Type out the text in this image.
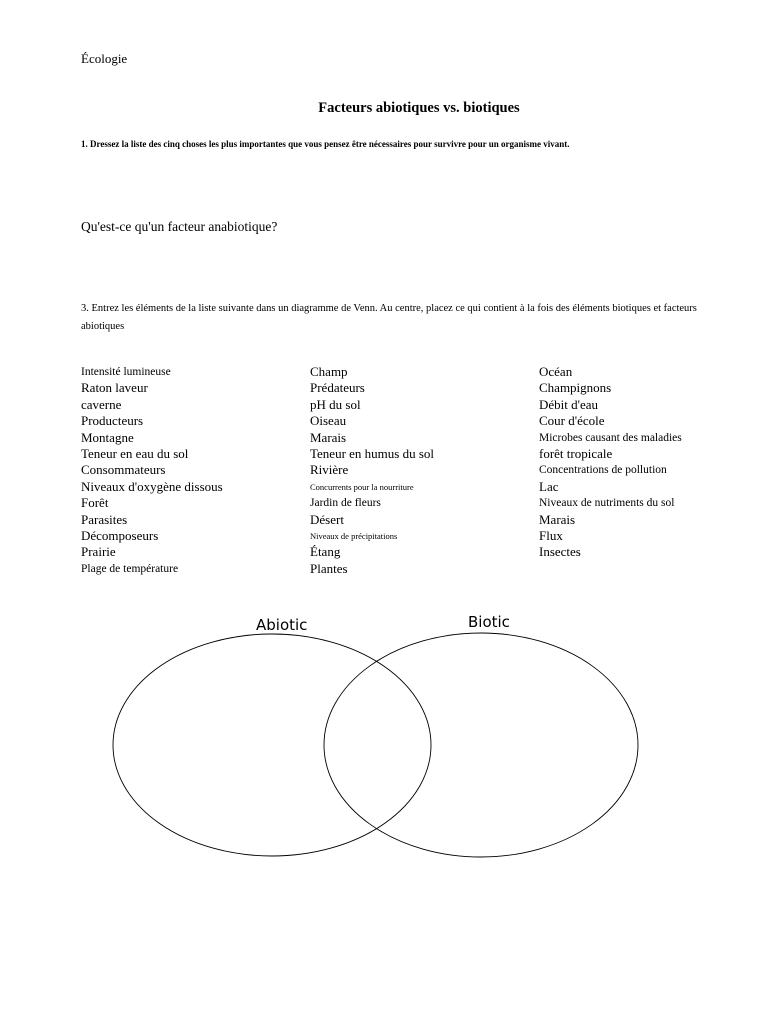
Écologie
Facteurs abiotiques vs. biotiques
1. Dressez la liste des cinq choses les plus importantes que vous pensez être nécessaires pour survivre pour un organisme vivant.
Qu'est-ce qu'un facteur anabiotique?
3. Entrez les éléments de la liste suivante dans un diagramme de Venn. Au centre, placez ce qui contient à la fois des éléments biotiques et facteurs abiotiques
Intensité lumineuse
Raton laveur
caverne
Producteurs
Montagne
Teneur en eau du sol
Consommateurs
Niveaux d'oxygène dissous
Forêt
Parasites
Décomposeurs
Prairie
Plage de température
Champ
Prédateurs
pH du sol
Oiseau
Marais
Teneur en humus du sol
Rivière
Concurrents pour la nourriture
Jardin de fleurs
Désert
Niveaux de précipitations
Étang
Plantes
Océan
Champignons
Débit d'eau
Cour d'école
Microbes causant des maladies
forêt tropicale
Concentrations de pollution
Lac
Niveaux de nutriments du sol
Marais
Flux
Insectes
Abiotic	Biotic
